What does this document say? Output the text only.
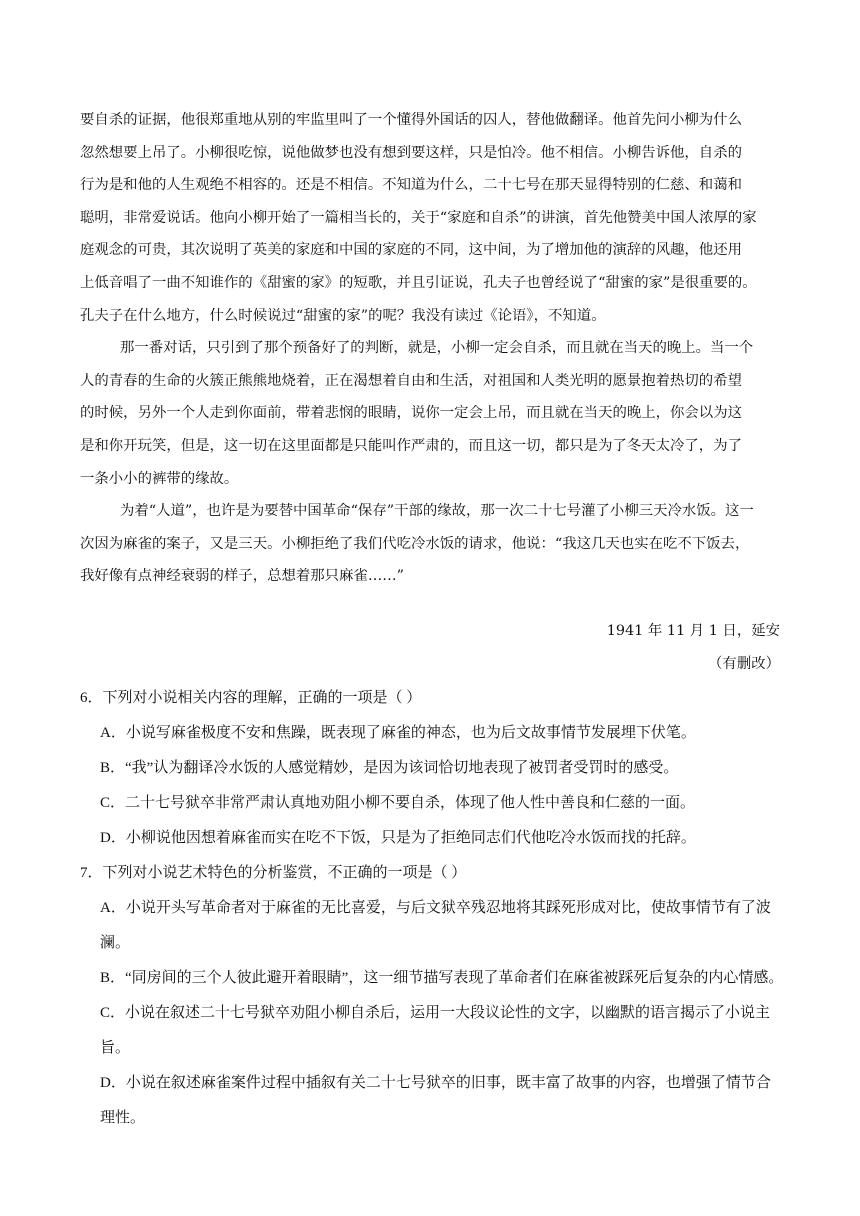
要自杀的证据，他很郑重地从别的牢监里叫了一个懂得外国话的囚人，替他做翻译。他首先问小柳为什么
忽然想要上吊了。小柳很吃惊，说他做梦也没有想到要这样，只是怕冷。他不相信。小柳告诉他，自杀的
行为是和他的人生观绝不相容的。还是不相信。不知道为什么，二十七号在那天显得特别的仁慈、和蔼和
聪明，非常爱说话。他向小柳开始了一篇相当长的，关于“家庭和自杀”的讲演，首先他赞美中国人浓厚的家
庭观念的可贵，其次说明了英美的家庭和中国的家庭的不同，这中间，为了增加他的演辞的风趣，他还用
上低音唱了一曲不知谁作的《甜蜜的家》的短歌，并且引证说，孔夫子也曾经说了“甜蜜的家”是很重要的。
孔夫子在什么地方，什么时候说过“甜蜜的家”的呢？我没有读过《论语》，不知道。
那一番对话，只引到了那个预备好了的判断，就是，小柳一定会自杀，而且就在当天的晚上。当一个
人的青春的生命的火簇正熊熊地烧着，正在渴想着自由和生活，对祖国和人类光明的愿景抱着热切的希望
的时候，另外一个人走到你面前，带着悲悯的眼睛，说你一定会上吊，而且就在当天的晚上，你会以为这
是和你开玩笑，但是，这一切在这里面都是只能叫作严肃的，而且这一切，都只是为了冬天太冷了，为了
一条小小的裤带的缘故。
为着“人道”，也许是为要替中国革命“保存”干部的缘故，那一次二十七号灌了小柳三天冷水饭。这一
次因为麻雀的案子，又是三天。小柳拒绝了我们代吃冷水饭的请求，他说：“我这几天也实在吃不下饭去，
我好像有点神经衰弱的样子，总想着那只麻雀……”
1941 年 11 月 1 日，延安
（有删改）
6．下列对小说相关内容的理解，正确的一项是（ ）
A．小说写麻雀极度不安和焦躁，既表现了麻雀的神态，也为后文故事情节发展埋下伏笔。
B．“我”认为翻译冷水饭的人感觉精妙，是因为该词恰切地表现了被罚者受罚时的感受。
C．二十七号狱卒非常严肃认真地劝阻小柳不要自杀，体现了他人性中善良和仁慈的一面。
D．小柳说他因想着麻雀而实在吃不下饭，只是为了拒绝同志们代他吃冷水饭而找的托辞。
7．下列对小说艺术特色的分析鉴赏，不正确的一项是（ ）
A．小说开头写革命者对于麻雀的无比喜爱，与后文狱卒残忍地将其踩死形成对比，使故事情节有了波
澜。
B．“同房间的三个人彼此避开着眼睛”，这一细节描写表现了革命者们在麻雀被踩死后复杂的内心情感。
C．小说在叙述二十七号狱卒劝阻小柳自杀后，运用一大段议论性的文字，以幽默的语言揭示了小说主
旨。
D．小说在叙述麻雀案件过程中插叙有关二十七号狱卒的旧事，既丰富了故事的内容，也增强了情节合
理性。
